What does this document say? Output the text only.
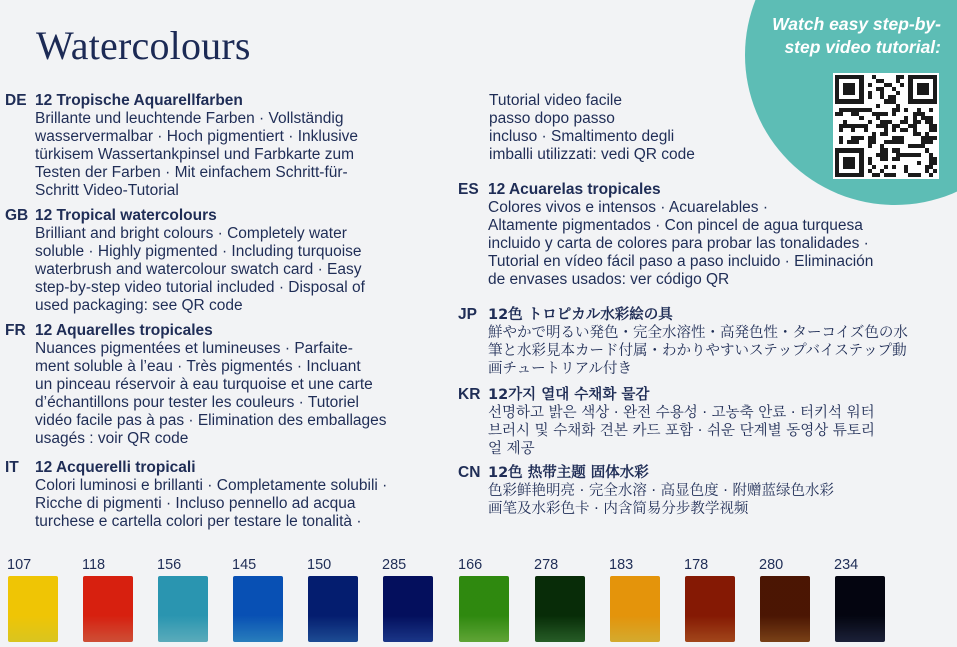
Watch easy step-by-
step video tutorial:
Watercolours
DE 12 Tropische Aquarellfarben
Brillante und leuchtende Farben · Vollständig
wasservermalbar · Hoch pigmentiert · Inklusive
türkisem Wassertankpinsel und Farbkarte zum
Testen der Farben · Mit einfachem Schritt-für-
Schritt Video-Tutorial
GB 12 Tropical watercolours
Brilliant and bright colours · Completely water
soluble · Highly pigmented · Including turquoise
waterbrush and watercolour swatch card · Easy
step-by-step video tutorial included · Disposal of
used packaging: see QR code
FR 12 Aquarelles tropicales
Nuances pigmentées et lumineuses · Parfaite-
ment soluble à l’eau · Très pigmentés · Incluant
un pinceau réservoir à eau turquoise et une carte
d’échantillons pour tester les couleurs · Tutoriel
vidéo facile pas à pas · Elimination des emballages
usagés : voir QR code
IT	12 Acquerelli tropicali
Colori luminosi e brillanti · Completamente solubili ·
Ricche di pigmenti · Incluso pennello ad acqua
turchese e cartella colori per testare le tonalità ·
Tutorial video facile
passo dopo passo
incluso · Smaltimento degli
imballi utilizzati: vedi QR code
ES 12 Acuarelas tropicales
Colores vivos e intensos · Acuarelables ·
Altamente pigmentados · Con pincel de agua turquesa
incluido y carta de colores para probar las tonalidades ·
Tutorial en vídeo fácil paso a paso incluido · Eliminación
de envases usados: ver código QR
JP 12色 トロピカル水彩絵の具
鮮やかで明るい発色・完全水溶性・高発色性・ターコイズ色の水
筆と水彩見本カード付属・わかりやすいステップバイステップ動
画チュートリアル付き
KR 12가지 열대 수채화 물감
선명하고 밝은 색상 · 완전 수용성 · 고농축 안료 · 터키석 워터
브러시 및 수채화 견본 카드 포함 · 쉬운 단계별 동영상 튜토리
얼 제공
CN 12色 热带主题 固体水彩
色彩鲜艳明亮 · 完全水溶 · 高显色度 · 附赠蓝绿色水彩
画笔及水彩色卡 · 内含简易分步教学视频
107	118	156	145	150	285	166	278	183	178	280	234
